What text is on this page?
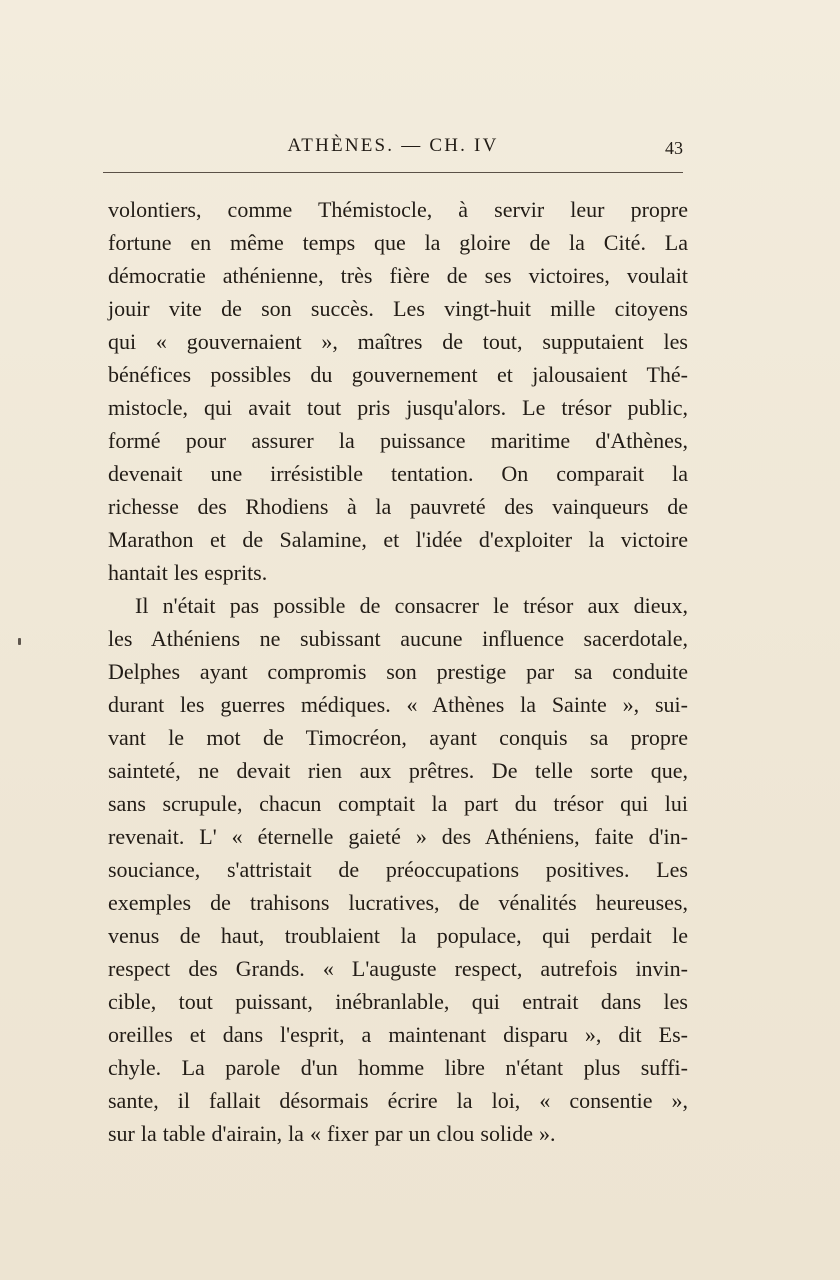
ATHÈNES. — CH. IV	43
volontiers, comme Thémistocle, à servir leur propre
fortune en même temps que la gloire de la Cité. La
démocratie athénienne, très fière de ses victoires, voulait
jouir vite de son succès. Les vingt-huit mille citoyens
qui « gouvernaient », maîtres de tout, supputaient les
bénéfices possibles du gouvernement et jalousaient Thé-
mistocle, qui avait tout pris jusqu'alors. Le trésor public,
formé pour assurer la puissance maritime d'Athènes,
devenait une irrésistible tentation. On comparait la
richesse des Rhodiens à la pauvreté des vainqueurs de
Marathon et de Salamine, et l'idée d'exploiter la victoire
hantait les esprits.
Il n'était pas possible de consacrer le trésor aux dieux,
les Athéniens ne subissant aucune influence sacerdotale,
Delphes ayant compromis son prestige par sa conduite
durant les guerres médiques. « Athènes la Sainte », sui-
vant le mot de Timocréon, ayant conquis sa propre
sainteté, ne devait rien aux prêtres. De telle sorte que,
sans scrupule, chacun comptait la part du trésor qui lui
revenait. L' « éternelle gaieté » des Athéniens, faite d'in-
souciance, s'attristait de préoccupations positives. Les
exemples de trahisons lucratives, de vénalités heureuses,
venus de haut, troublaient la populace, qui perdait le
respect des Grands. « L'auguste respect, autrefois invin-
cible, tout puissant, inébranlable, qui entrait dans les
oreilles et dans l'esprit, a maintenant disparu », dit Es-
chyle. La parole d'un homme libre n'étant plus suffi-
sante, il fallait désormais écrire la loi, « consentie »,
sur la table d'airain, la « fixer par un clou solide ».
